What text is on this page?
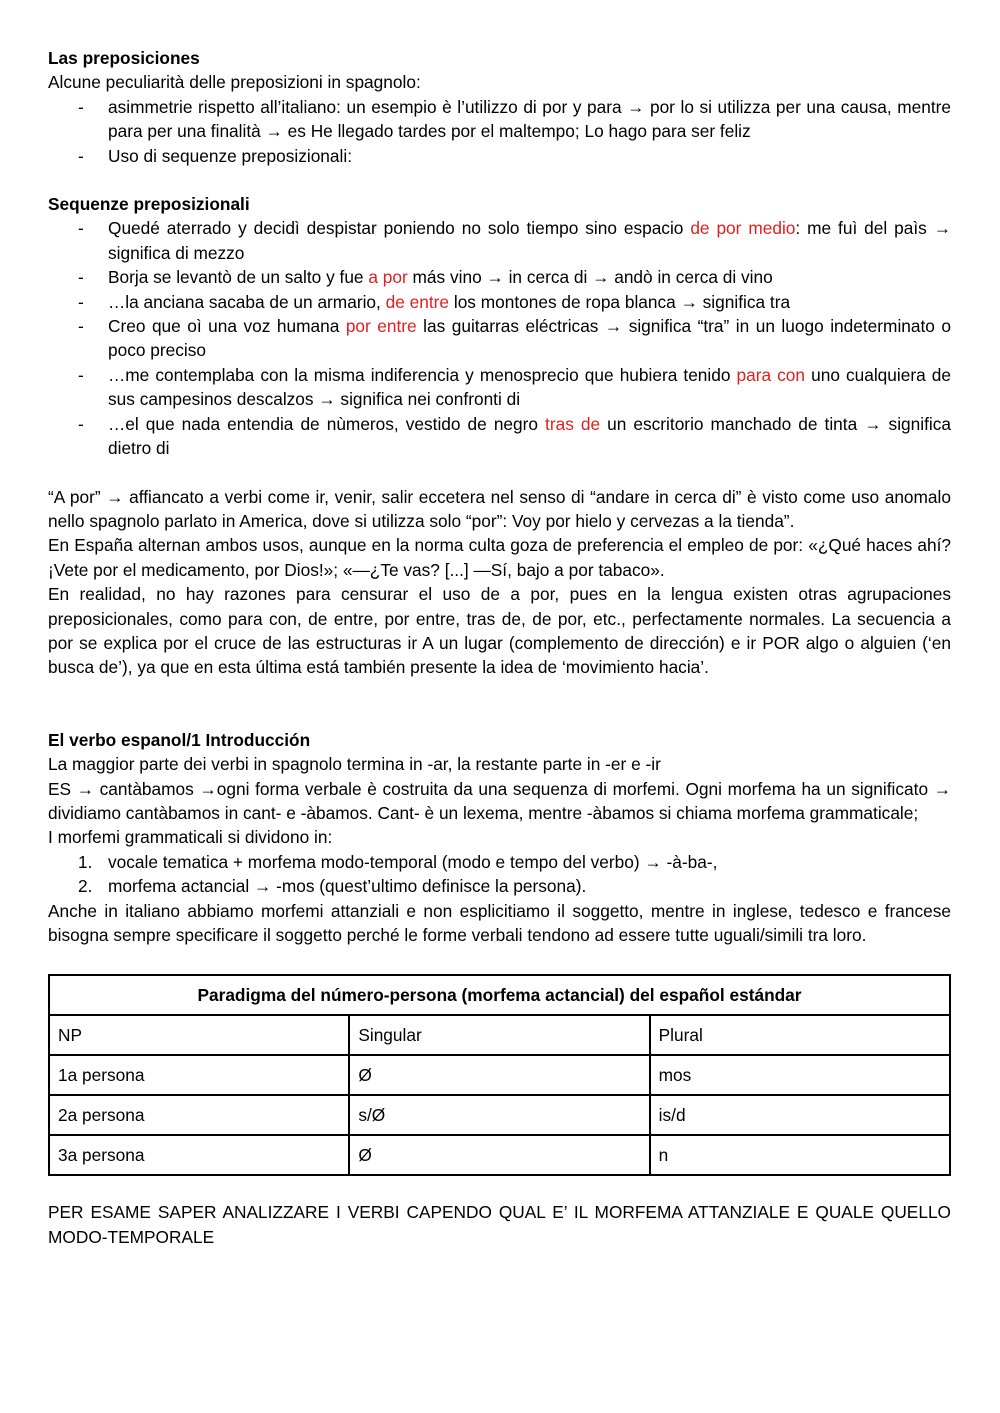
Las preposiciones

Alcune peculiarità delle preposizioni in spagnolo:

- asimmetrie rispetto all’italiano: un esempio è l’utilizzo di por y para → por lo si utilizza per una causa, mentre para per una finalità → es He llegado tardes por el maltempo; Lo hago para ser feliz
- Uso di sequenze preposizionali:

Sequenze preposizionali

- Quedé aterrado y decidì despistar poniendo no solo tiempo sino espacio de por medio: me fuì del paìs → significa di mezzo
- Borja se levantò de un salto y fue a por más vino → in cerca di → andò in cerca di vino
- …la anciana sacaba de un armario, de entre los montones de ropa blanca → significa tra
- Creo que oì una voz humana por entre las guitarras eléctricas → significa “tra” in un luogo indeterminato o poco preciso
- …me contemplaba con la misma indiferencia y menosprecio que hubiera tenido para con uno cualquiera de sus campesinos descalzos → significa nei confronti di
- …el que nada entendia de nùmeros, vestido de negro tras de un escritorio manchado de tinta → significa dietro di

“A por” → affiancato a verbi come ir, venir, salir eccetera nel senso di “andare in cerca di” è visto come uso anomalo nello spagnolo parlato in America, dove si utilizza solo “por”: Voy por hielo y cervezas a la tienda”.

En España alternan ambos usos, aunque en la norma culta goza de preferencia el empleo de por: «¿Qué haces ahí? ¡Vete por el medicamento, por Dios!»; «—¿Te vas? [...] —Sí, bajo a por tabaco».

En realidad, no hay razones para censurar el uso de a por, pues en la lengua existen otras agrupaciones preposicionales, como para con, de entre, por entre, tras de, de por, etc., perfectamente normales. La secuencia a por se explica por el cruce de las estructuras ir A un lugar (complemento de dirección) e ir POR algo o alguien (‘en busca de’), ya que en esta última está también presente la idea de ‘movimiento hacia’.

El verbo espanol/1 Introducción

La maggior parte dei verbi in spagnolo termina in -ar, la restante parte in -er e -ir

ES → cantàbamos →ogni forma verbale è costruita da una sequenza di morfemi. Ogni morfema ha un significato → dividiamo cantàbamos in cant- e -àbamos. Cant- è un lexema, mentre -àbamos si chiama morfema grammaticale;

I morfemi grammaticali si dividono in:

1. vocale tematica + morfema modo-temporal (modo e tempo del verbo) → -à-ba-,
2. morfema actancial → -mos (quest’ultimo definisce la persona).

Anche in italiano abbiamo morfemi attanziali e non esplicitiamo il soggetto, mentre in inglese, tedesco e francese bisogna sempre specificare il soggetto perché le forme verbali tendono ad essere tutte uguali/simili tra loro.

Paradigma del número-persona (morfema actancial) del español estándar		
NP	Singular	Plural
1a persona	Ø	mos
2a persona	s/Ø	is/d
3a persona	Ø	n

PER ESAME SAPER ANALIZZARE I VERBI CAPENDO QUAL E’ IL MORFEMA ATTANZIALE E QUALE QUELLO MODO-TEMPORALE
